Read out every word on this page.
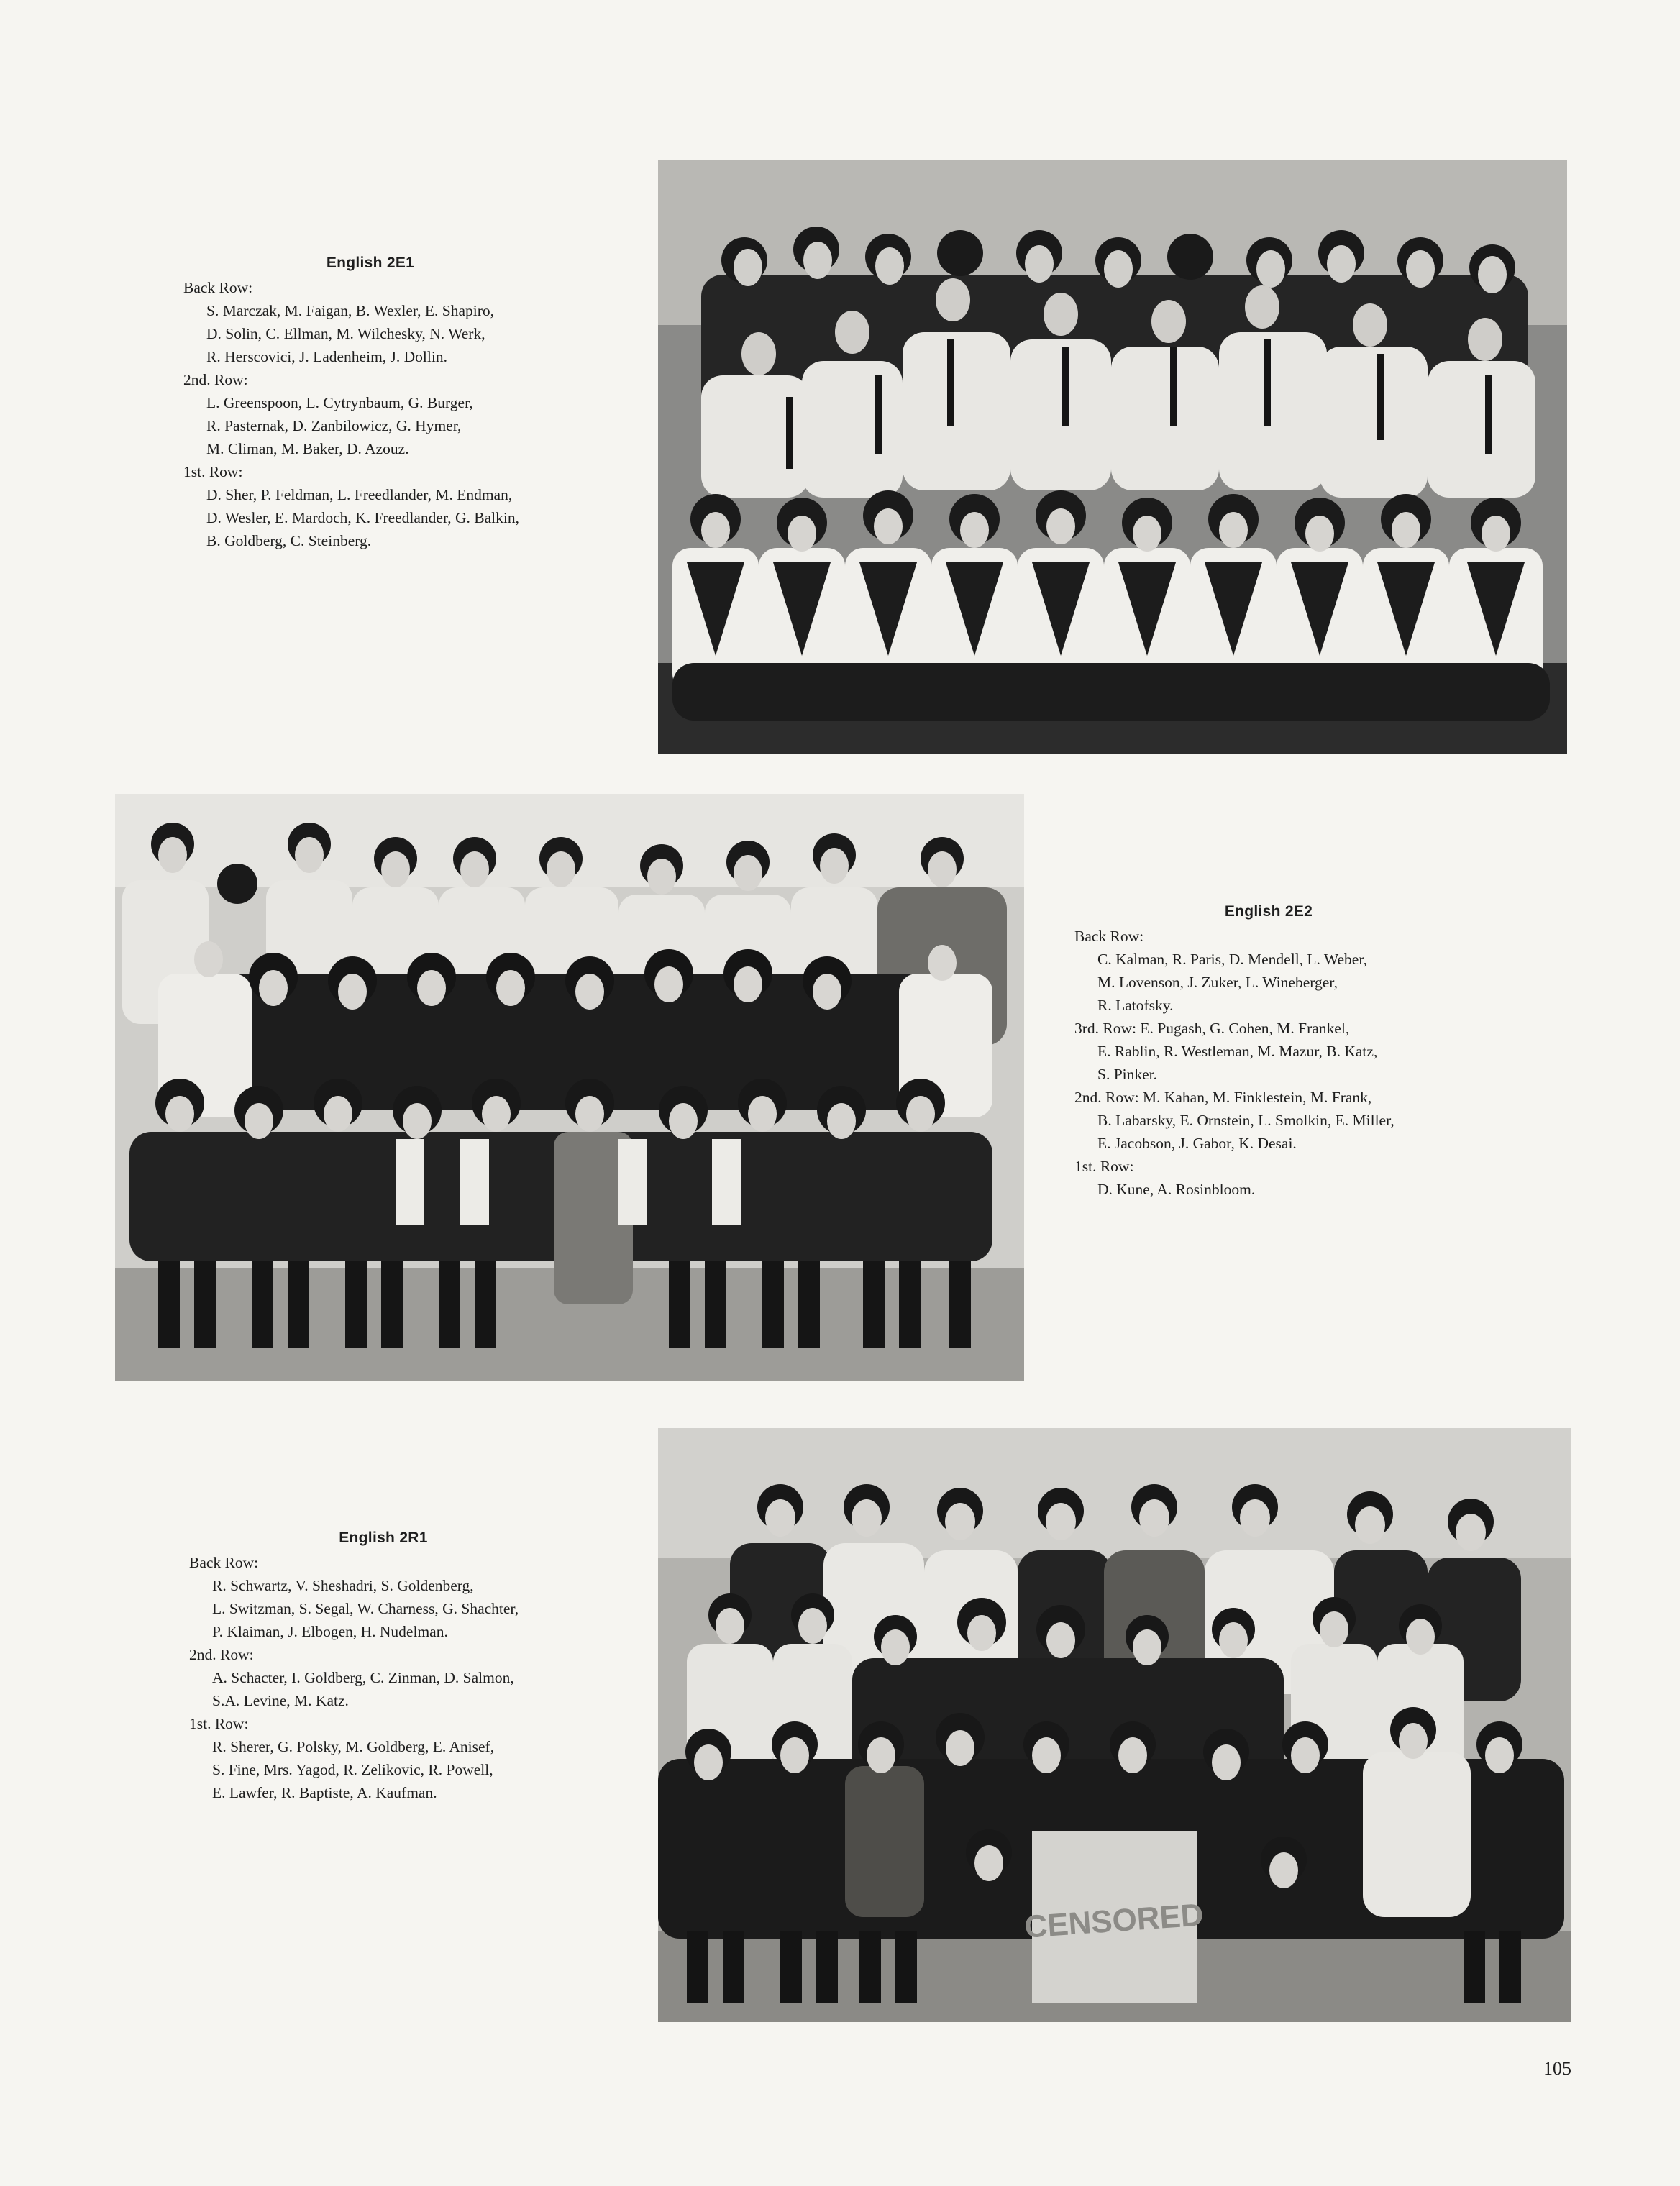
English 2E1
Back Row:
S. Marczak, M. Faigan, B. Wexler, E. Shapiro,
D. Solin, C. Ellman, M. Wilchesky, N. Werk,
R. Herscovici, J. Ladenheim, J. Dollin.
2nd. Row:
L. Greenspoon, L. Cytrynbaum, G. Burger,
R. Pasternak, D. Zanbilowicz, G. Hymer,
M. Climan, M. Baker, D. Azouz.
1st. Row:
D. Sher, P. Feldman, L. Freedlander, M. Endman,
D. Wesler, E. Mardoch, K. Freedlander, G. Balkin,
B. Goldberg, C. Steinberg.
English 2E2
Back Row:
C. Kalman, R. Paris, D. Mendell, L. Weber,
M. Lovenson, J. Zuker, L. Wineberger,
R. Latofsky.
3rd. Row: E. Pugash, G. Cohen, M. Frankel,
E. Rablin, R. Westleman, M. Mazur, B. Katz,
S. Pinker.
2nd. Row: M. Kahan, M. Finklestein, M. Frank,
B. Labarsky, E. Ornstein, L. Smolkin, E. Miller,
E. Jacobson, J. Gabor, K. Desai.
1st. Row:
D. Kune, A. Rosinbloom.
CENSORED
English 2R1
Back Row:
R. Schwartz, V. Sheshadri, S. Goldenberg,
L. Switzman, S. Segal, W. Charness, G. Shachter,
P. Klaiman, J. Elbogen, H. Nudelman.
2nd. Row:
A. Schacter, I. Goldberg, C. Zinman, D. Salmon,
S.A. Levine, M. Katz.
1st. Row:
R. Sherer, G. Polsky, M. Goldberg, E. Anisef,
S. Fine, Mrs. Yagod, R. Zelikovic, R. Powell,
E. Lawfer, R. Baptiste, A. Kaufman.
105
